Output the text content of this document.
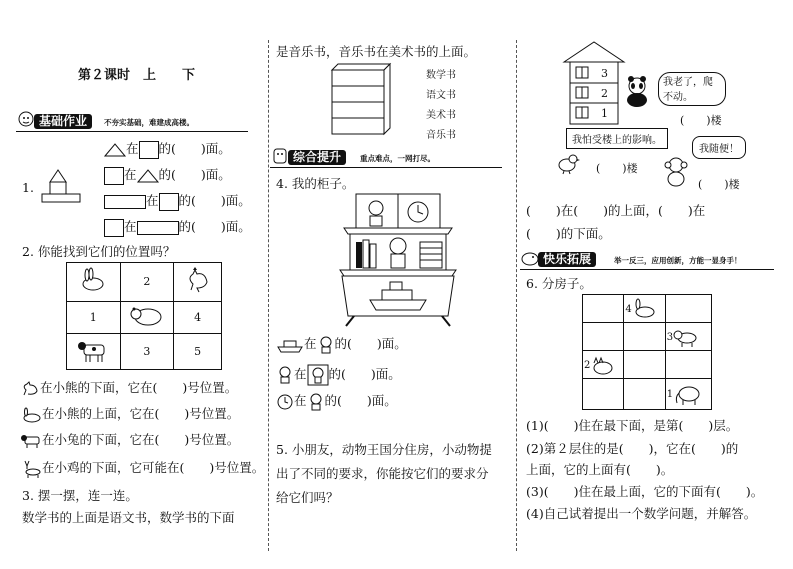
第２课时　上　　下
基础作业	不夯实基础，难建成高楼。
1.
在 的(　　)面。
在 的(　　)面。
在 的(　　)面。
在	的(　　)面。
2. 你能找到它们的位置吗？
	2	
1		4
	3	5
在小熊的下面，它在(　　)号位置。
在小熊的上面，它在(　　)号位置。
在小兔的下面，它在(　　)号位置。
在小鸡的下面，它可能在(　　)号位置。
3. 摆一摆，连一连。
数学书的上面是语文书，数学书的下面
是音乐书，音乐书在美术书的上面。
数学书
语文书
美术书
音乐书
综合提升	重点难点，一网打尽。
4. 我的柜子。
在 的(　　)面。
在 的(　　)面。
在 的(　　)面。
5. 小朋友，动物王国分住房，小动物提
出了不同的要求，你能按它们的要求分
给它们吗？
3
2
1
我老了，爬不动。
(　　)楼
我怕受楼上的影响。
(　　)楼
我随便！
(　　)楼
(　　)在(　　)的上面，(　　)在
(　　)的下面。
快乐拓展	举一反三，应用创新，方能一显身手！
6. 分房子。
	4	
		3
2		
		1
(1)(　　)住在最下面，是第(　　)层。
(2)第２层住的是(　　)，它在(　　)的
上面，它的上面有(　　)。
(3)(　　)住在最上面，它的下面有(　　)。
(4)自己试着提出一个数学问题，并解答。
